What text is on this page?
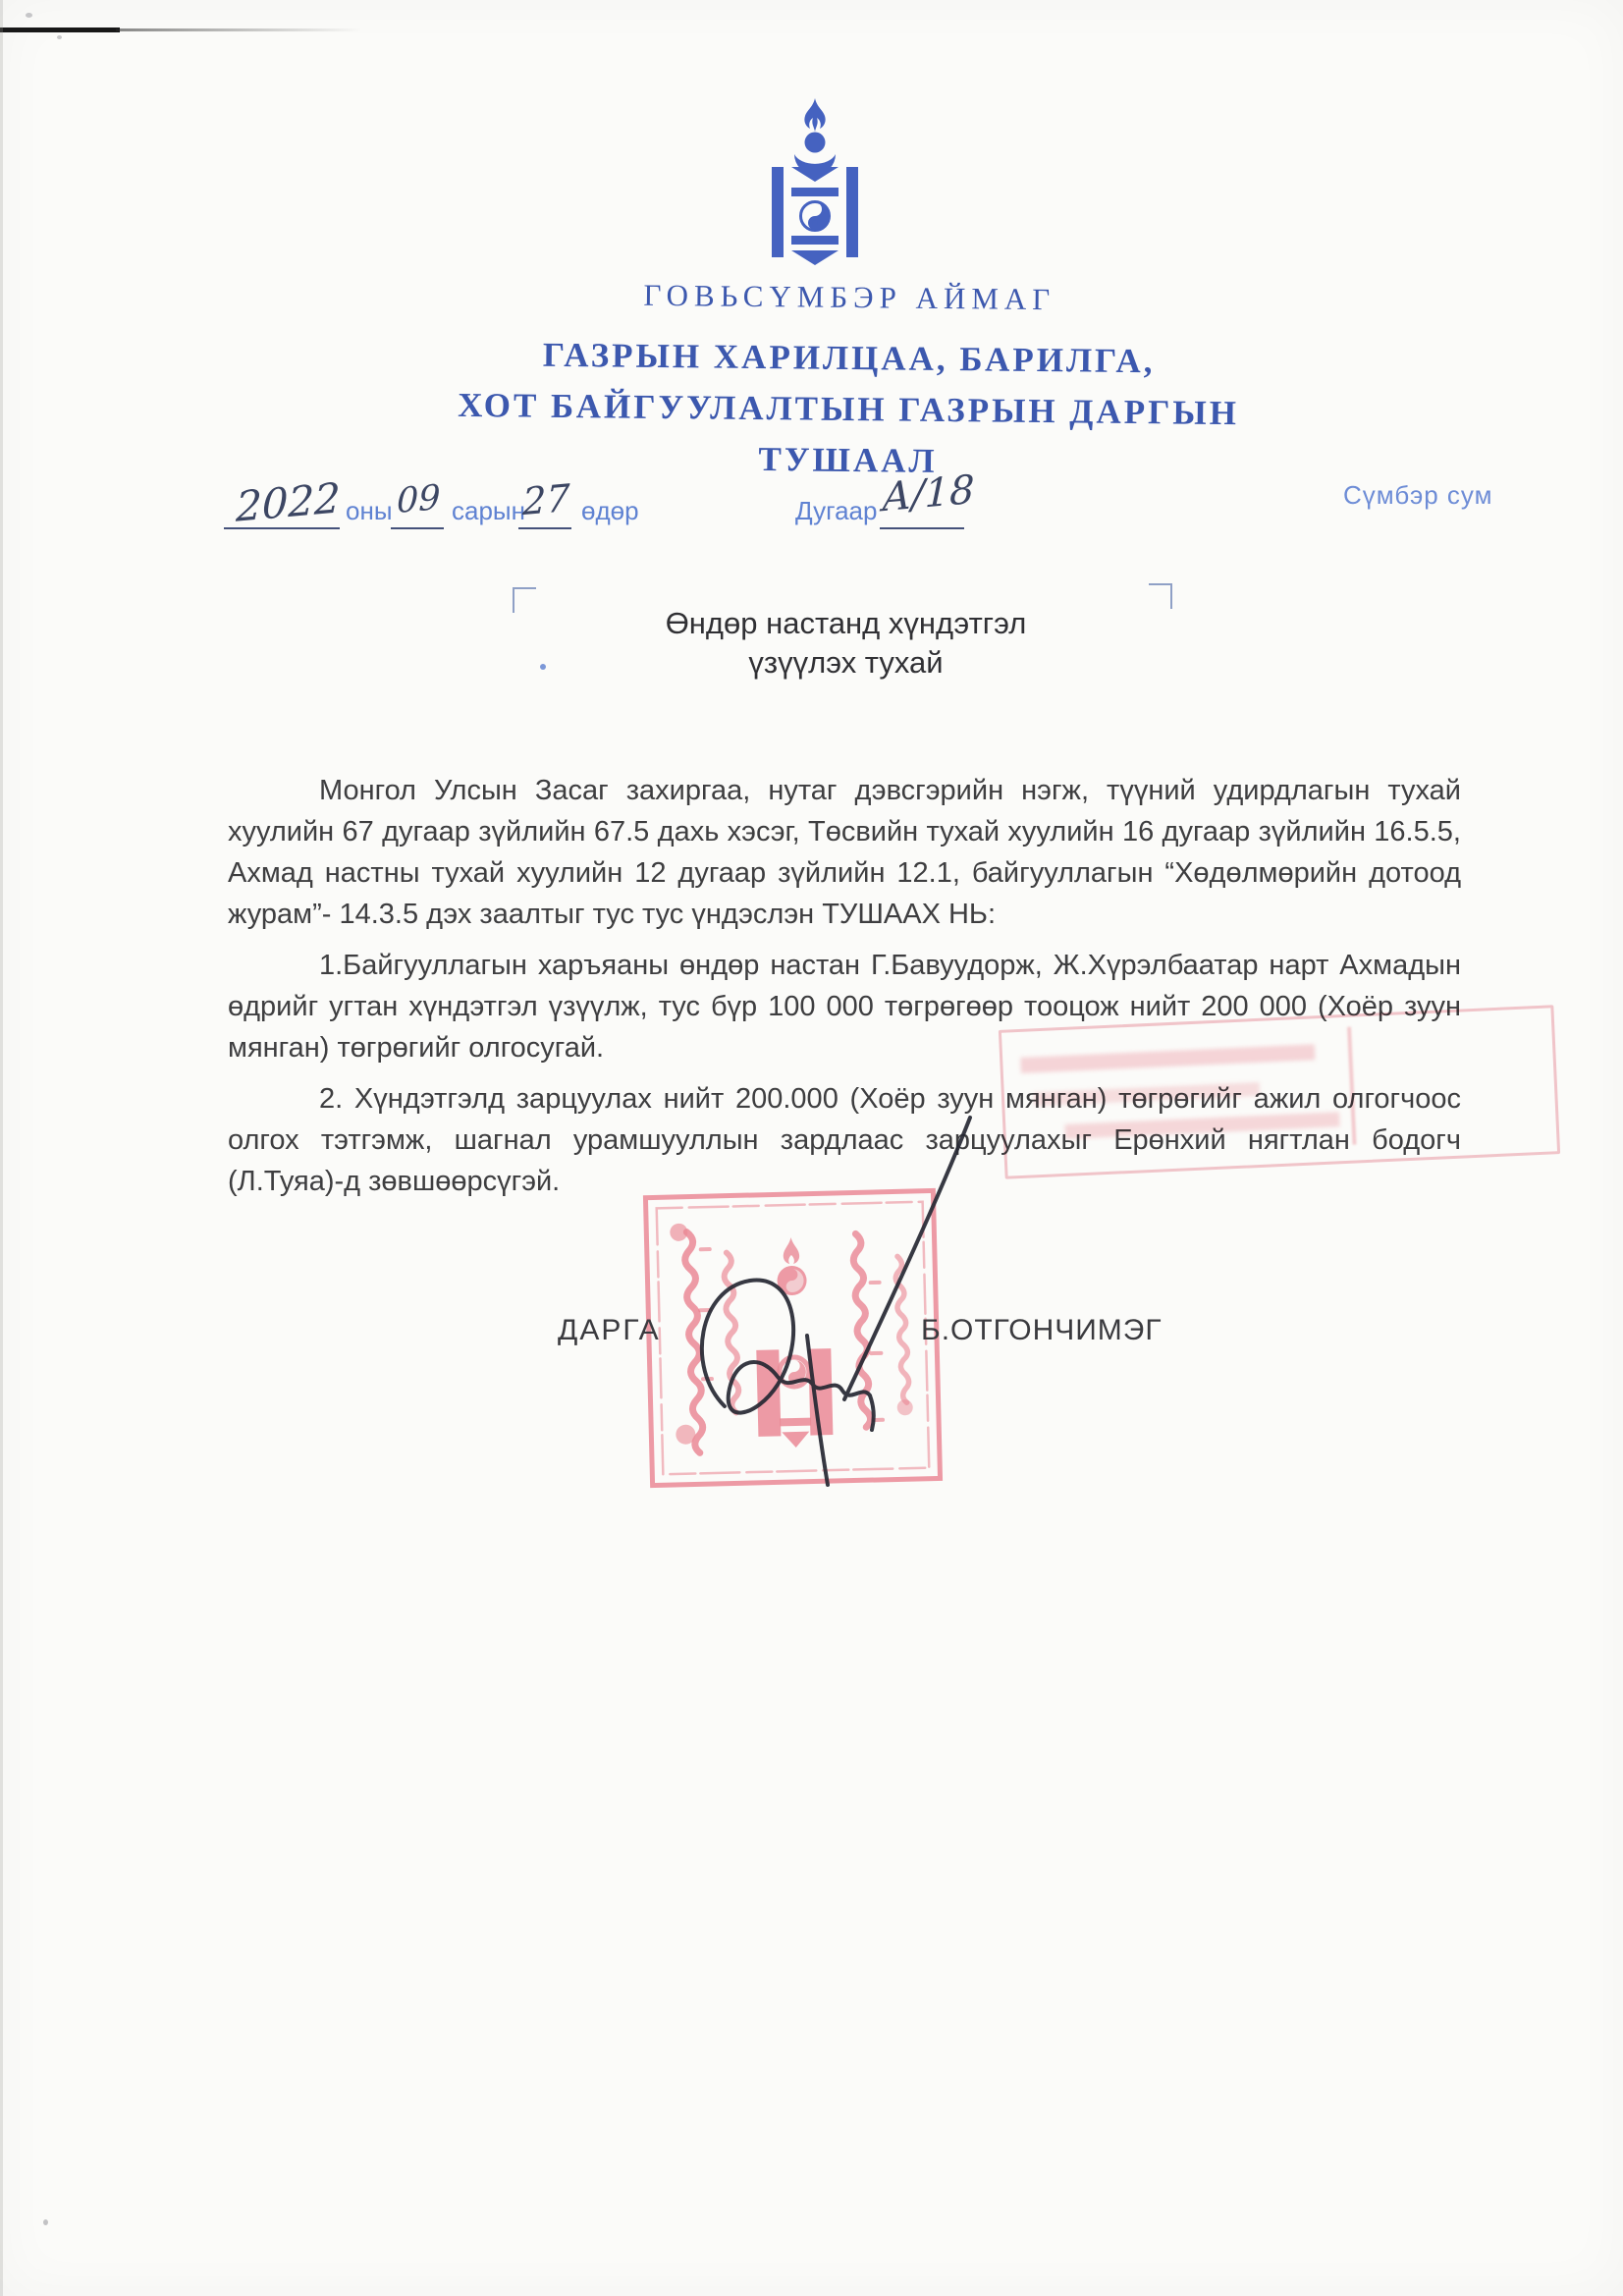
ГОВЬСҮМБЭР АЙМАГ
ГАЗРЫН ХАРИЛЦАА, БАРИЛГА,
ХОТ БАЙГУУЛАЛТЫН ГАЗРЫН ДАРГЫН
ТУШААЛ
2022 оны 09 сарын
27 өдөр	Дугаар А/18	Сүмбэр сум
Өндөр настанд хүндэтгэл
үзүүлэх тухай

Монгол Улсын Засаг захиргаа, нутаг дэвсгэрийн нэгж, түүний удирдлагын тухай хуулийн 67 дугаар зүйлийн 67.5 дахь хэсэг, Төсвийн тухай хуулийн 16 дугаар зүйлийн 16.5.5, Ахмад настны тухай хуулийн 12 дугаар зүйлийн 12.1, байгууллагын “Хөдөлмөрийн дотоод журам”- 14.3.5 дэх заалтыг тус тус үндэслэн ТУШААХ НЬ:

1.Байгууллагын харъяаны өндөр настан Г.Бавуудорж, Ж.Хүрэлбаатар нарт Ахмадын өдрийг угтан хүндэтгэл үзүүлж, тус бүр 100 000 төгрөгөөр тооцож нийт 200 000 (Хоёр зуун мянган) төгрөгийг олгосугай.

2. Хүндэтгэлд зарцуулах нийт 200.000 (Хоёр зуун мянган) төгрөгийг ажил олгогчоос олгох тэтгэмж, шагнал урамшууллын зардлаас зарцуулахыг Ерөнхий нягтлан бодогч (Л.Туяа)-д зөвшөөрсүгэй.

ДАРГА	Б.ОТГОНЧИМЭГ
